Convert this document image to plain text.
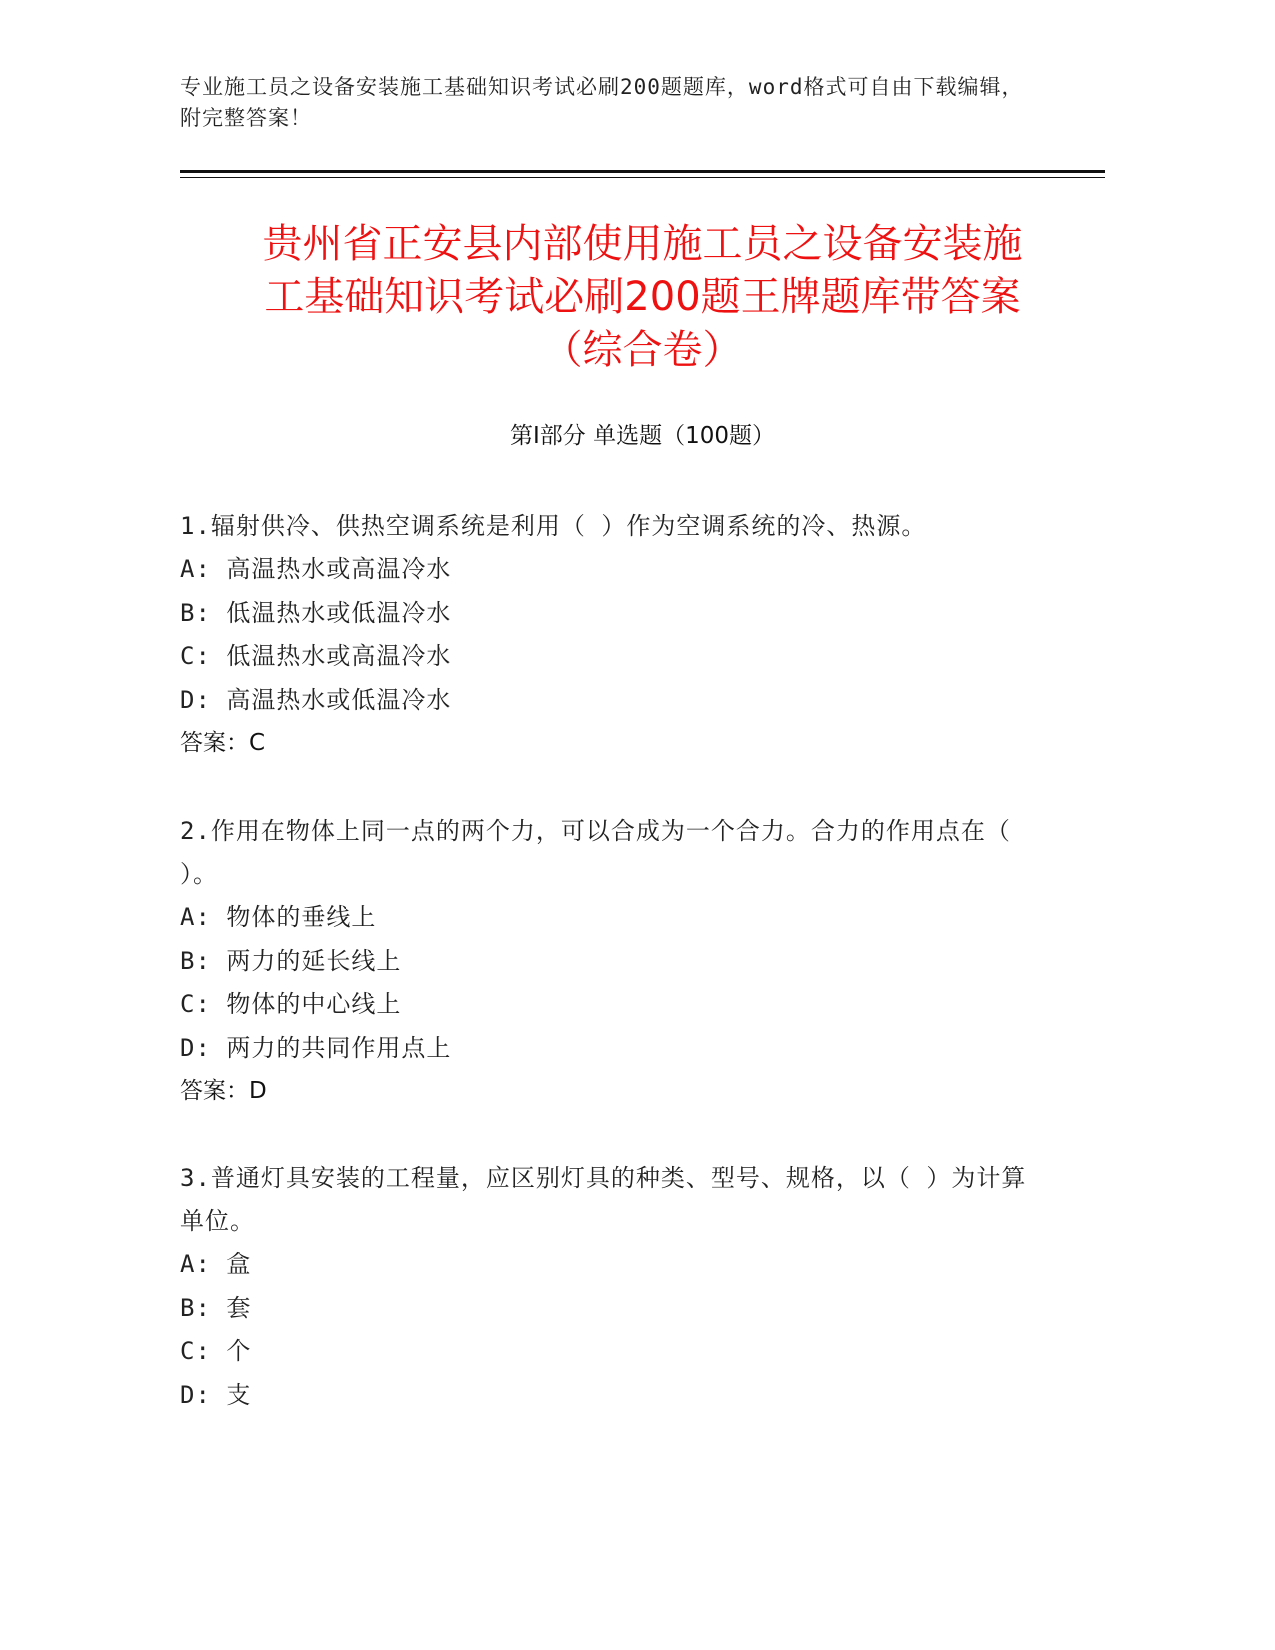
专业施工员之设备安装施工基础知识考试必刷200题题库，word格式可自由下载编辑，附完整答案！
贵州省正安县内部使用施工员之设备安装施
工基础知识考试必刷200题王牌题库带答案
（综合卷）
第Ⅰ部分 单选题（100题）
1.辐射供冷、供热空调系统是利用（ ）作为空调系统的冷、热源。
A: 高温热水或高温冷水
B: 低温热水或低温冷水
C: 低温热水或高温冷水
D: 高温热水或低温冷水
答案：C
2.作用在物体上同一点的两个力，可以合成为一个合力。合力的作用点在（ ）。
A: 物体的垂线上
B: 两力的延长线上
C: 物体的中心线上
D: 两力的共同作用点上
答案：D
3.普通灯具安装的工程量，应区别灯具的种类、型号、规格，以（ ）为计算单位。
A: 盒
B: 套
C: 个
D: 支
